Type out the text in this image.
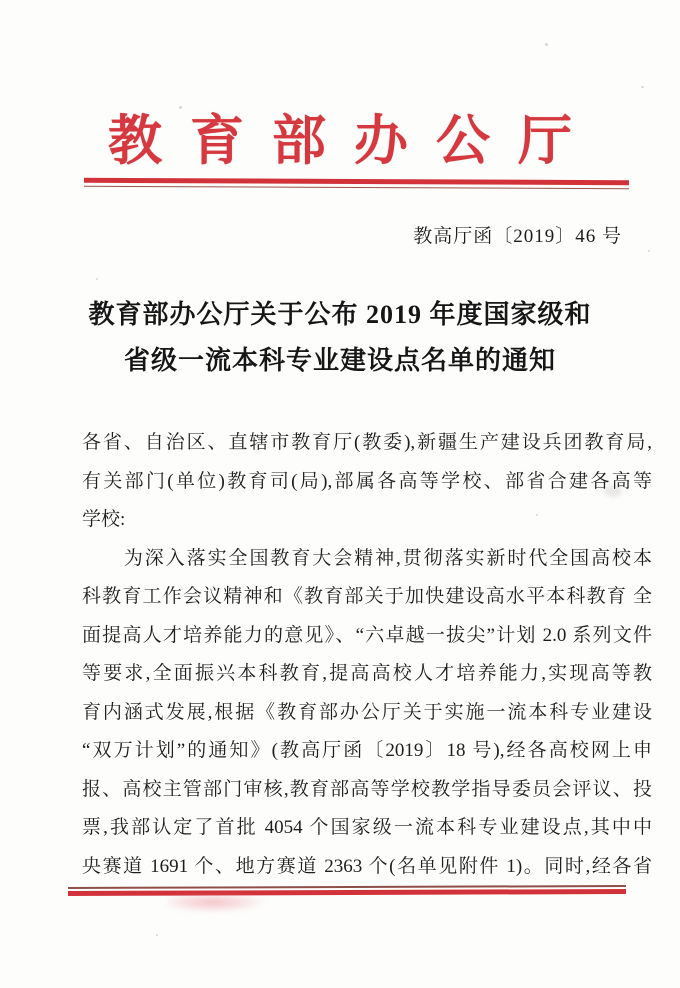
教育部办公厅
教高厅函〔2019〕46 号
教育部办公厅关于公布 2019 年度国家级和
省级一流本科专业建设点名单的通知
各省、自治区、直辖市教育厅(教委),新疆生产建设兵团教育局,
有关部门(单位)教育司(局),部属各高等学校、部省合建各高等
学校:
　　为深入落实全国教育大会精神,贯彻落实新时代全国高校本
科教育工作会议精神和《教育部关于加快建设高水平本科教育 全
面提高人才培养能力的意见》、“六卓越一拔尖”计划 2.0 系列文件
等要求,全面振兴本科教育,提高高校人才培养能力,实现高等教
育内涵式发展,根据《教育部办公厅关于实施一流本科专业建设
“双万计划”的通知》(教高厅函〔2019〕18 号),经各高校网上申
报、高校主管部门审核,教育部高等学校教学指导委员会评议、投
票,我部认定了首批 4054 个国家级一流本科专业建设点,其中中
央赛道 1691 个、地方赛道 2363 个(名单见附件 1)。同时,经各省
